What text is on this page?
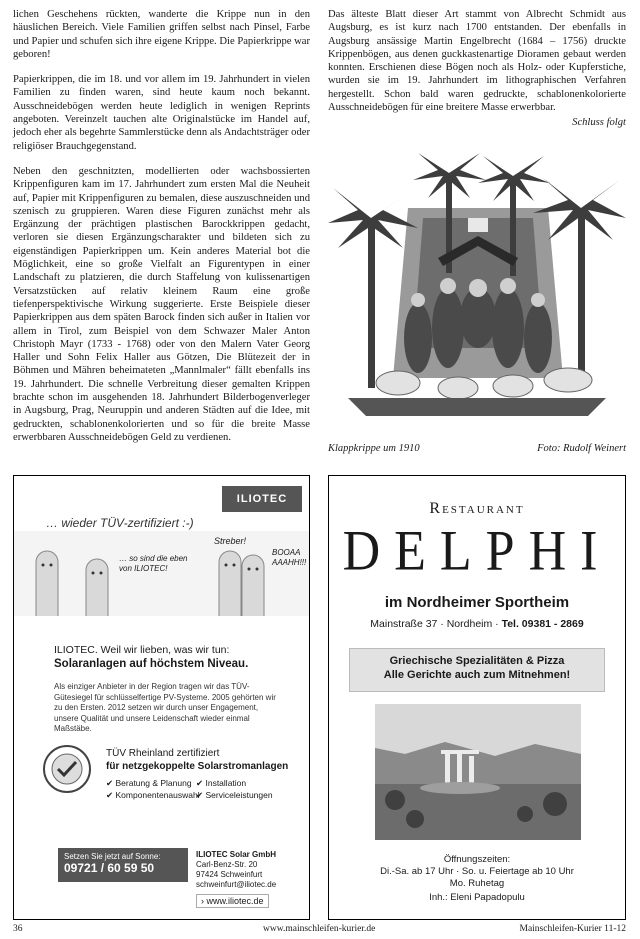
lichen Geschehens rückten, wanderte die Krippe nun in den häuslichen Bereich. Viele Familien griffen selbst nach Pinsel, Farbe und Papier und schufen sich ihre eigene Krippe. Die Papierkrippe war geboren!

Papierkrippen, die im 18. und vor allem im 19. Jahrhundert in vielen Familien zu finden waren, sind heute kaum noch bekannt. Ausschneidebögen werden heute lediglich in wenigen Reprints angeboten. Vereinzelt tauchen alte Originalstücke im Handel auf, jedoch eher als begehrte Sammlerstücke denn als Andachtsträger oder religiöser Brauchgegenstand.

Neben den geschnitzten, modellierten oder wachsbossierten Krippenfiguren kam im 17. Jahrhundert zum ersten Mal die Neuheit auf, Papier mit Krippenfiguren zu bemalen, diese auszuschneiden und szenisch zu gruppieren. Waren diese Figuren zunächst mehr als Ergänzung der prächtigen plastischen Barockkrippen gedacht, verloren sie diesen Ergänzungscharakter und bildeten sich zu eigenständigen Papierkrippen um. Kein anderes Material bot die Möglichkeit, eine so große Vielfalt an Figurentypen in einer Landschaft zu platzieren, die durch Staffelung von kulissenartigen Versatzstücken auf relativ kleinem Raum eine große tiefenperspektivische Wirkung suggerierte. Erste Beispiele dieser Papierkrippen aus dem späten Barock finden sich außer in Italien vor allem in Tirol, zum Beispiel von dem Schwazer Maler Anton Christoph Mayr (1733 - 1768) oder von den Malern Vater Georg Haller und Sohn Felix Haller aus Götzen, Die Blütezeit der in Böhmen und Mähren beheimateten „Mannlmaler“ fällt ebenfalls ins 19. Jahrhundert. Die schnelle Verbreitung dieser gemalten Krippen brachte schon im ausgehenden 18. Jahrhundert Bilderbogenverleger in Augsburg, Prag, Neuruppin und anderen Städten auf die Idee, mit gedruckten, schablonenkolorierten und so für die breite Masse erwerbbaren Ausschneidebögen Geld zu verdienen.

Das älteste Blatt dieser Art stammt von Albrecht Schmidt aus Augsburg, es ist kurz nach 1700 entstanden. Der ebenfalls in Augsburg ansässige Martin Engelbrecht (1684 – 1756) druckte Krippenbögen, aus denen guckkastenartige Dioramen gebaut werden konnten. Erschienen diese Bögen noch als Holz- oder Kupferstiche, wurden sie im 19. Jahrhundert im lithographischen Verfahren hergestellt. Schon bald waren gedruckte, schablonenkolorierte Ausschneidebögen für eine breitere Masse erwerbbar.

Schluss folgt
Klappkrippe um 1910	Foto: Rudolf Weinert
ILIOTEC
… wieder TÜV-zertifiziert :-)
Streber!
BOOAA AAAHH!!!
… so sind die eben von ILIOTEC!
ILIOTEC. Weil wir lieben, was wir tun:
Solaranlagen auf höchstem Niveau.
Als einziger Anbieter in der Region tragen wir das TÜV-Gütesiegel für schlüsselfertige PV-Systeme. 2005 gehörten wir zu den Ersten. 2012 setzen wir durch unser Engagement, unsere Qualität und unsere Leidenschaft wieder einmal Maßstäbe.
TÜV Rheinland zertifiziert
für netzgekoppelte Solarstromanlagen
✔ Beratung & Planung ✔ Installation
✔ Komponentenauswahl
✔ Serviceleistungen
Setzen Sie jetzt auf Sonne:
09721 / 60 59 50
ILIOTEC Solar GmbH
Carl-Benz-Str. 20
97424 Schweinfurt
schweinfurt@iliotec.de
› www.iliotec.de
Restaurant
DELPHI
im Nordheimer Sportheim
Mainstraße 37 · Nordheim · Tel. 09381 - 2869
Griechische Spezialitäten & Pizza
Alle Gerichte auch zum Mitnehmen!
Öffnungszeiten:
Di.-Sa. ab 17 Uhr · So. u. Feiertage ab 10 Uhr
Mo. Ruhetag
Inh.: Eleni Papadopulu
36	www.mainschleifen-kurier.de	Mainschleifen-Kurier 11-12
